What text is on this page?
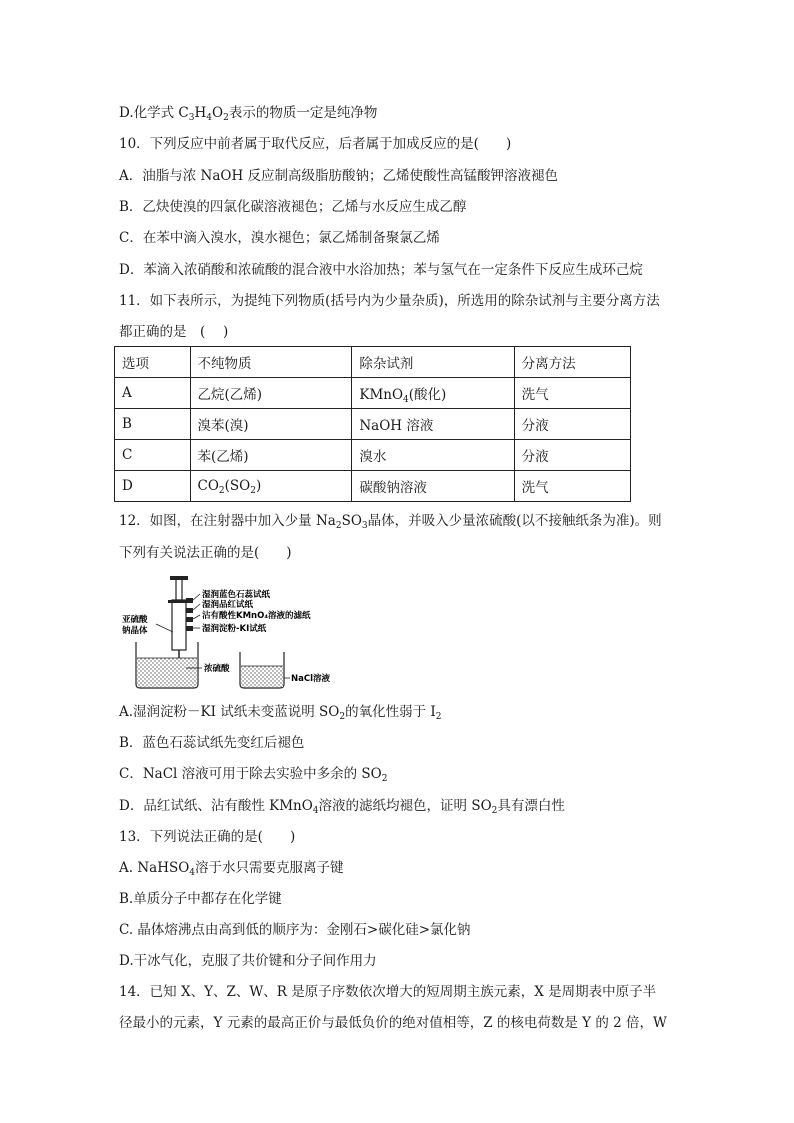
D.化学式 $C_3H_4O_2$表示的物质一定是纯净物
10．下列反应中前者属于取代反应，后者属于加成反应的是(　　)
A．油脂与浓 NaOH 反应制高级脂肪酸钠；乙烯使酸性高锰酸钾溶液褪色
B．乙炔使溴的四氯化碳溶液褪色；乙烯与水反应生成乙醇
C．在苯中滴入溴水，溴水褪色；氯乙烯制备聚氯乙烯
D．苯滴入浓硝酸和浓硫酸的混合液中水浴加热；苯与氢气在一定条件下反应生成环己烷
11．如下表所示，为提纯下列物质(括号内为少量杂质)，所选用的除杂试剂与主要分离方法
都正确的是　(　 )
12．如图，在注射器中加入少量 $Na_2SO_3$晶体，并吸入少量浓硫酸(以不接触纸条为准)。则
下列有关说法正确的是(　　)
A.湿润淀粉－KI 试纸未变蓝说明 $SO_2$的氧化性弱于 $I_2$
B．蓝色石蕊试纸先变红后褪色
C．NaCl 溶液可用于除去实验中多余的 $SO_2$
D．品红试纸、沾有酸性 KMnO$_4$溶液的滤纸均褪色，证明 $SO_2$具有漂白性
13．下列说法正确的是(　　)
A. NaHSO$_4$溶于水只需要克服离子键
B.单质分子中都存在化学键
C. 晶体熔沸点由高到低的顺序为：金刚石>碳化硅>氯化钠
D.干冰气化，克服了共价键和分子间作用力
14．已知 X、Y、Z、W、R 是原子序数依次增大的短周期主族元素，X 是周期表中原子半
径最小的元素，Y 元素的最高正价与最低负价的绝对值相等，Z 的核电荷数是 Y 的 2 倍，W
选项	不纯物质	除杂试剂	分离方法
A	乙烷(乙烯)	KMnO$_4$(酸化)	洗气
B	溴苯(溴)	NaOH 溶液	分液
C	苯(乙烯)	溴水	分液
D	$CO_2(SO_2)$	碳酸钠溶液	洗气
湿润蓝色石蕊试纸
湿润品红试纸
沾有酸性KMnO₄溶液的滤纸
湿润淀粉-KI试纸
亚硫酸
钠晶体
浓硫酸
NaCl溶液
